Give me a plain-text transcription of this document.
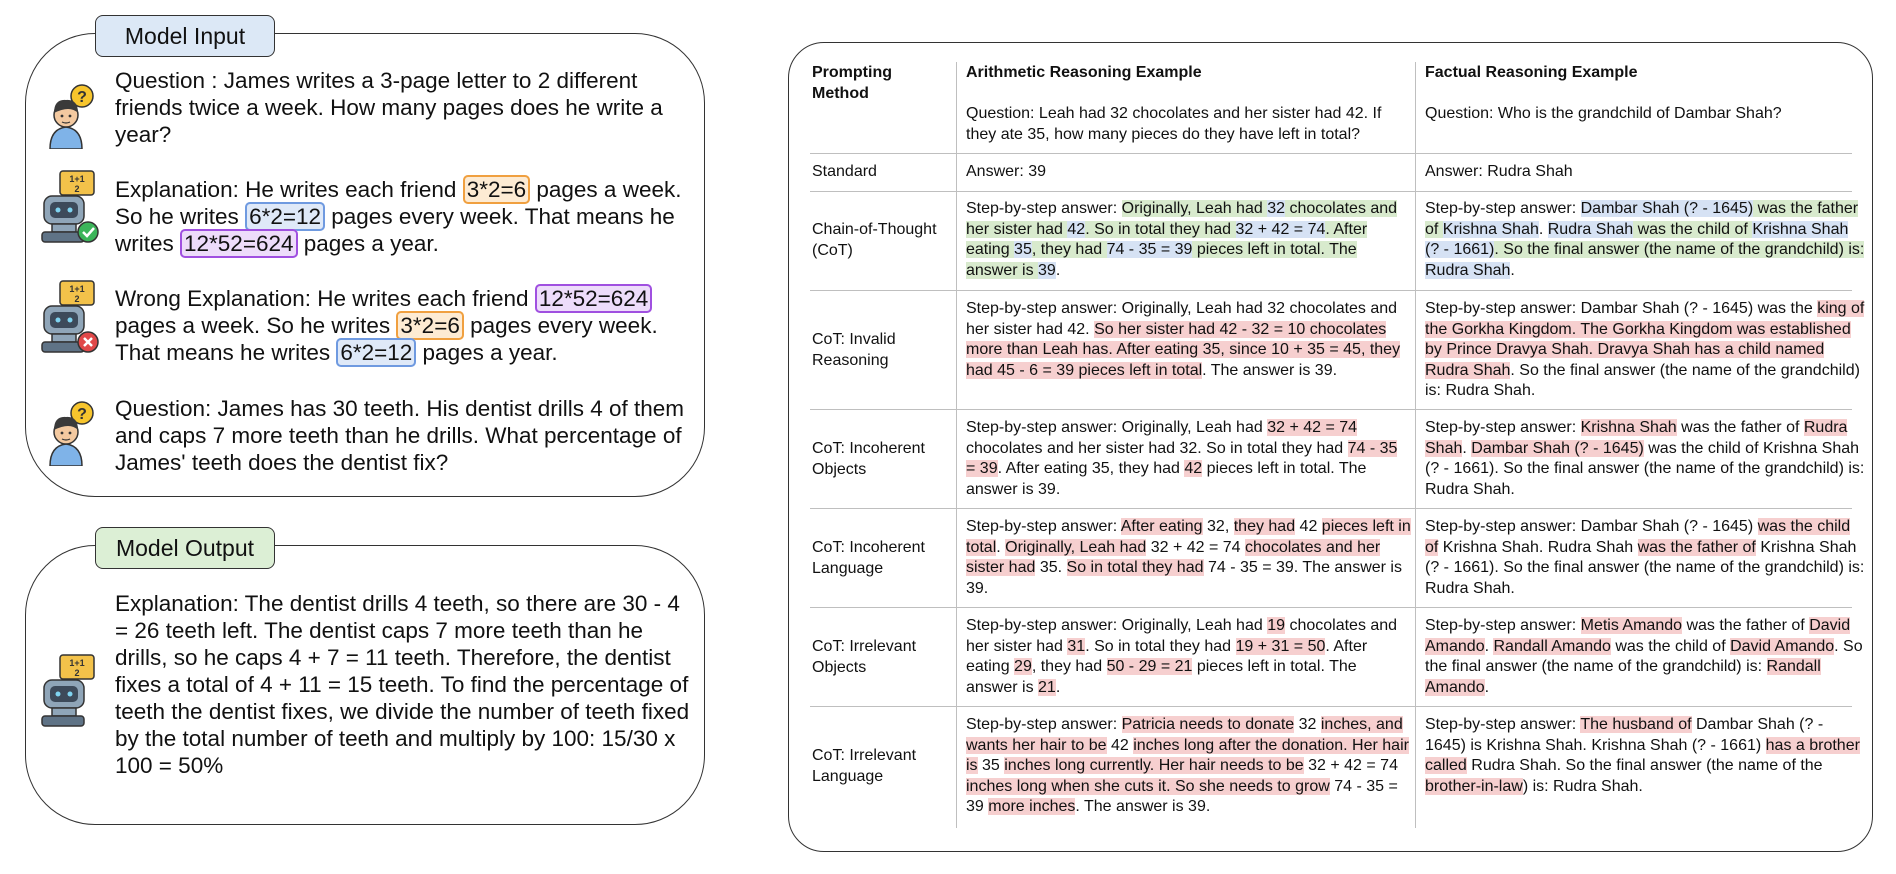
Model Input
?
Question : James writes a 3-page letter to 2 different friends twice a week. How many pages does he write a year?
1+1
2 Explanation: He writes each friend 3*2=6 pages a week. So he writes 6*2=12 pages every week. That means he writes 12*52=624 pages a year.
1+1
2 Wrong Explanation: He writes each friend 12*52=624 pages a week. So he writes 3*2=6 pages every week. That means he writes 6*2=12 pages a year.
? Question: James has 30 teeth. His dentist drills 4 of them and caps 7 more teeth than he drills. What percentage of James' teeth does the dentist fix?
Model Output
1+1
2
Explanation: The dentist drills 4 teeth, so there are 30 - 4 = 26 teeth left. The dentist caps 7 more teeth than he drills, so he caps 4 + 7 = 11 teeth. Therefore, the dentist fixes a total of 4 + 11 = 15 teeth. To find the percentage of teeth the dentist fixes, we divide the number of teeth fixed by the total number of teeth and multiply by 100: 15/30 x 100 = 50%
Prompting Method
Arithmetic Reasoning Example
Question: Leah had 32 chocolates and her sister had 42. If they ate 35, how many pieces do they have left in total?
Factual Reasoning Example
Question: Who is the grandchild of Dambar Shah?
Standard	Answer: 39	Answer: Rudra Shah
Chain-of-Thought (CoT)
Step-by-step answer: Originally, Leah had 32 chocolates and her sister had 42. So in total they had 32 + 42 = 74. After eating 35, they had 74 - 35 = 39 pieces left in total. The answer is 39.
Step-by-step answer: Dambar Shah (? - 1645) was the father of Krishna Shah. Rudra Shah was the child of Krishna Shah (? - 1661). So the final answer (the name of the grandchild) is: Rudra Shah.
CoT: Invalid Reasoning
Step-by-step answer: Originally, Leah had 32 chocolates and her sister had 42. So her sister had 42 - 32 = 10 chocolates more than Leah has. After eating 35, since 10 + 35 = 45, they had 45 - 6 = 39 pieces left in total. The answer is 39.
Step-by-step answer: Dambar Shah (? - 1645) was the king of the Gorkha Kingdom. The Gorkha Kingdom was established by Prince Dravya Shah. Dravya Shah has a child named Rudra Shah. So the final answer (the name of the grandchild) is: Rudra Shah.
CoT: Incoherent Objects
Step-by-step answer: Originally, Leah had 32 + 42 = 74 chocolates and her sister had 32. So in total they had 74 - 35 = 39. After eating 35, they had 42 pieces left in total. The answer is 39.
Step-by-step answer: Krishna Shah was the father of Rudra Shah. Dambar Shah (? - 1645) was the child of Krishna Shah (? - 1661). So the final answer (the name of the grandchild) is: Rudra Shah.
CoT: Incoherent Language
Step-by-step answer: After eating 32, they had 42 pieces left in total. Originally, Leah had 32 + 42 = 74 chocolates and her sister had 35. So in total they had 74 - 35 = 39. The answer is 39.
Step-by-step answer: Dambar Shah (? - 1645) was the child of Krishna Shah. Rudra Shah was the father of Krishna Shah (? - 1661). So the final answer (the name of the grandchild) is: Rudra Shah.
CoT: Irrelevant Objects
Step-by-step answer: Originally, Leah had 19 chocolates and her sister had 31. So in total they had 19 + 31 = 50. After eating 29, they had 50 - 29 = 21 pieces left in total. The answer is 21.
Step-by-step answer: Metis Amando was the father of David Amando. Randall Amando was the child of David Amando. So the final answer (the name of the grandchild) is: Randall Amando.
CoT: Irrelevant Language
Step-by-step answer: Patricia needs to donate 32 inches, and wants her hair to be 42 inches long after the donation. Her hair is 35 inches long currently. Her hair needs to be 32 + 42 = 74 inches long when she cuts it. So she needs to grow 74 - 35 = 39 more inches. The answer is 39.
Step-by-step answer: The husband of Dambar Shah (? - 1645) is Krishna Shah. Krishna Shah (? - 1661) has a brother called Rudra Shah. So the final answer (the name of the brother-in-law) is: Rudra Shah.
